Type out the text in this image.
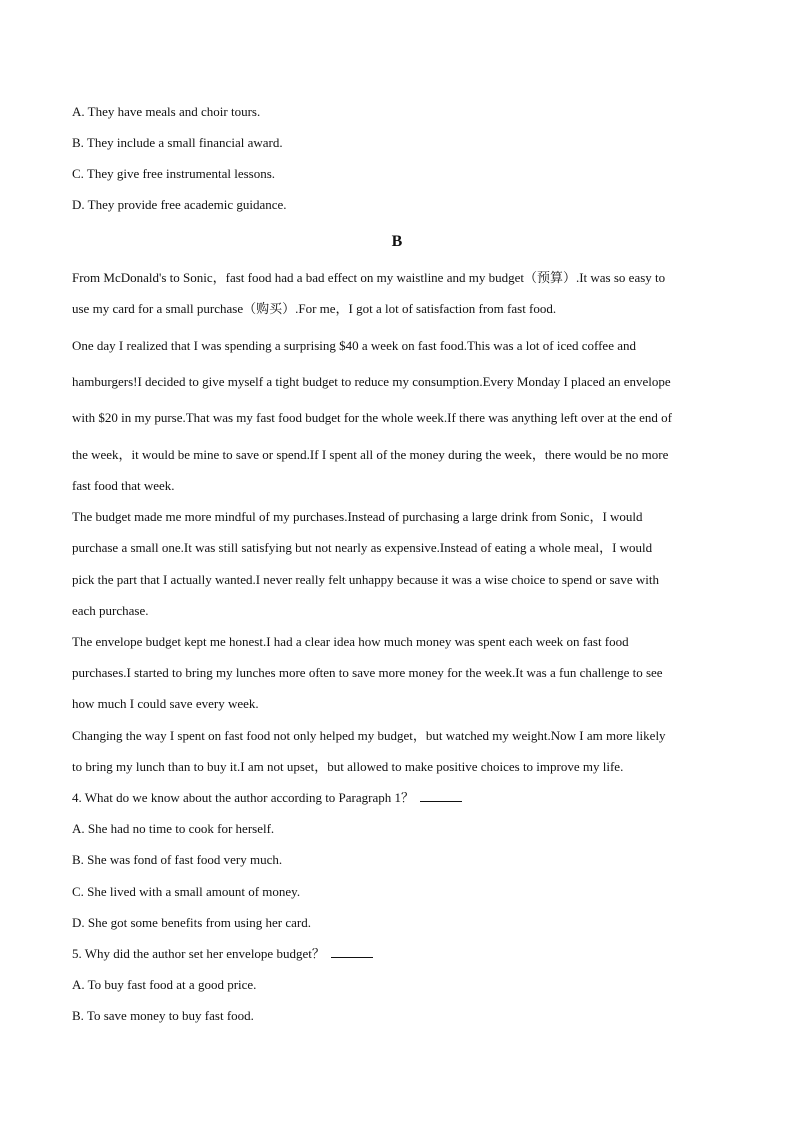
A. They have meals and choir tours.
B. They include a small financial award.
C. They give free instrumental lessons.
D. They provide free academic guidance.
B
From McDonald's to Sonic，fast food had a bad effect on my waistline and my budget（预算）.It was so easy to
use my card for a small purchase（购买）.For me，I got a lot of satisfaction from fast food.
One day I realized that I was spending a surprising $40 a week on fast food.This was a lot of iced coffee and
hamburgers!I decided to give myself a tight budget to reduce my consumption.Every Monday I placed an envelope
with $20 in my purse.That was my fast food budget for the whole week.If there was anything left over at the end of
the week，it would be mine to save or spend.If I spent all of the money during the week，there would be no more
fast food that week.
The budget made me more mindful of my purchases.Instead of purchasing a large drink from Sonic，I would
purchase a small one.It was still satisfying but not nearly as expensive.Instead of eating a whole meal，I would
pick the part that I actually wanted.I never really felt unhappy because it was a wise choice to spend or save with
each purchase.
The envelope budget kept me honest.I had a clear idea how much money was spent each week on fast food
purchases.I started to bring my lunches more often to save more money for the week.It was a fun challenge to see
how much I could save every week.
Changing the way I spent on fast food not only helped my budget，but watched my weight.Now I am more likely
to bring my lunch than to buy it.I am not upset，but allowed to make positive choices to improve my life.
4. What do we know about the author according to Paragraph 1？
A. She had no time to cook for herself.
B. She was fond of fast food very much.
C. She lived with a small amount of money.
D. She got some benefits from using her card.
5. Why did the author set her envelope budget？
A. To buy fast food at a good price.
B. To save money to buy fast food.
